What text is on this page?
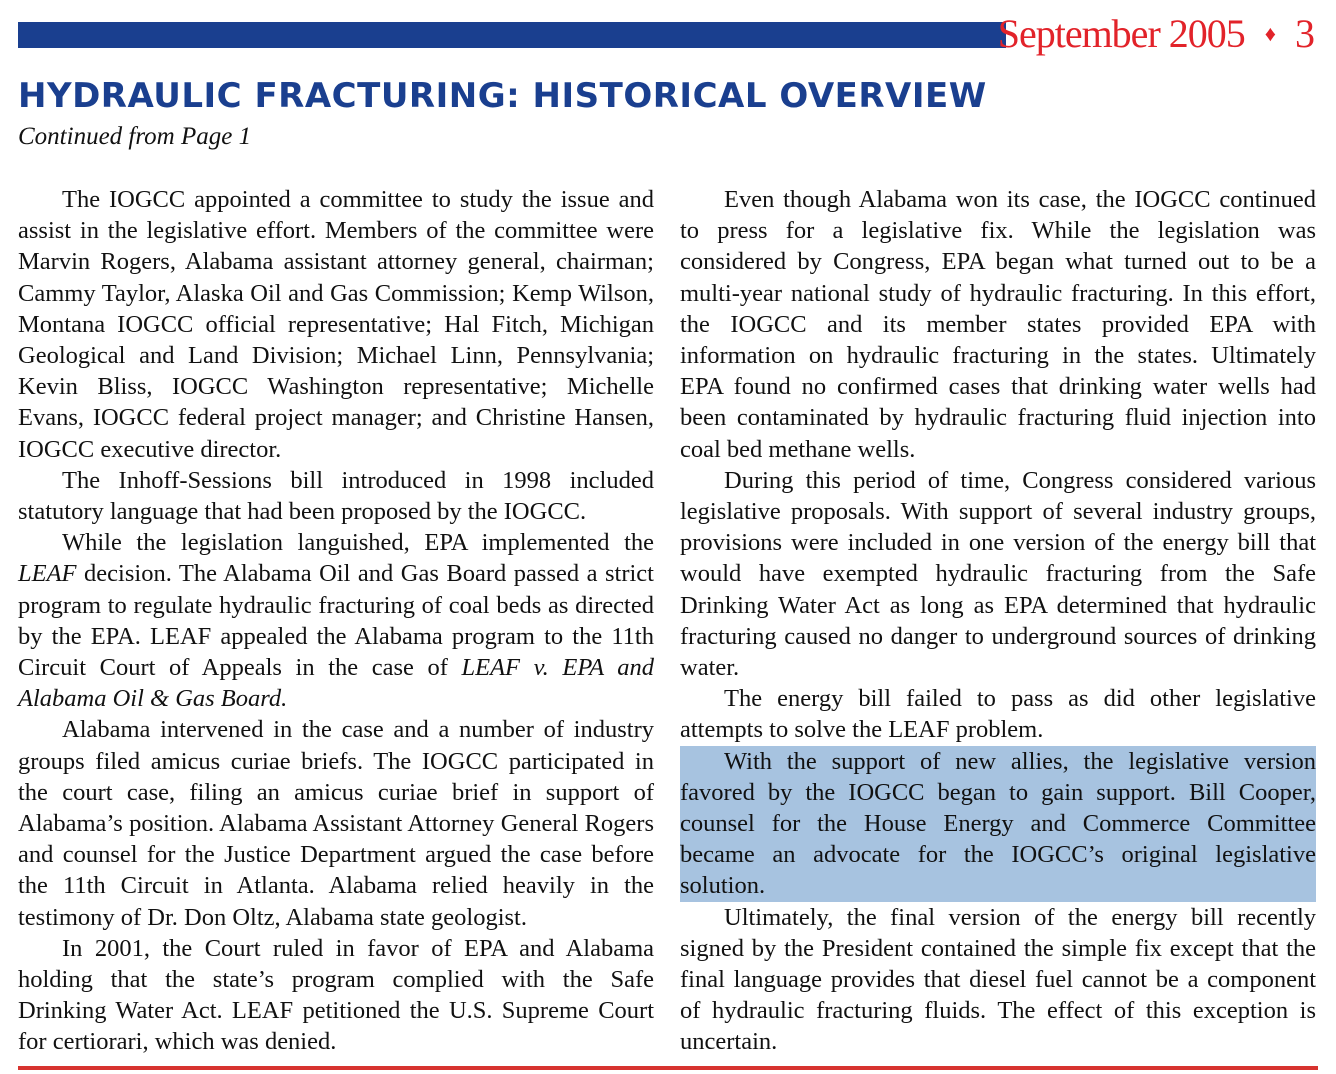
September 2005 ♦ 3
HYDRAULIC FRACTURING: HISTORICAL OVERVIEW
Continued from Page 1

The IOGCC appointed a committee to study the issue and assist in the legislative effort. Members of the committee were Marvin Rogers, Alabama assistant attorney general, chairman; Cammy Taylor, Alaska Oil and Gas Commission; Kemp Wilson, Montana IOGCC official representative; Hal Fitch, Michigan Geological and Land Division; Michael Linn, Pennsylvania; Kevin Bliss, IOGCC Washington representative; Michelle Evans, IOGCC federal project manager; and Christine Hansen, IOGCC executive director.

The Inhoff-Sessions bill introduced in 1998 included statutory language that had been proposed by the IOGCC.

While the legislation languished, EPA implemented the LEAF decision. The Alabama Oil and Gas Board passed a strict program to regulate hydraulic fracturing of coal beds as directed by the EPA. LEAF appealed the Alabama program to the 11th Circuit Court of Appeals in the case of LEAF v. EPA and Alabama Oil & Gas Board.

Alabama intervened in the case and a number of industry groups filed amicus curiae briefs. The IOGCC participated in the court case, filing an amicus curiae brief in support of Alabama’s position. Alabama Assistant Attorney General Rogers and counsel for the Justice Department argued the case before the 11th Circuit in Atlanta. Alabama relied heavily in the testimony of Dr. Don Oltz, Alabama state geologist.

In 2001, the Court ruled in favor of EPA and Alabama holding that the state’s program complied with the Safe Drinking Water Act. LEAF petitioned the U.S. Supreme Court for certiorari, which was denied.

Even though Alabama won its case, the IOGCC continued to press for a legislative fix. While the legislation was considered by Congress, EPA began what turned out to be a multi-year national study of hydraulic fracturing. In this effort, the IOGCC and its member states provided EPA with information on hydraulic fracturing in the states. Ultimately EPA found no confirmed cases that drinking water wells had been contaminated by hydraulic fracturing fluid injection into coal bed methane wells.

During this period of time, Congress considered various legislative proposals. With support of several industry groups, provisions were included in one version of the energy bill that would have exempted hydraulic fracturing from the Safe Drinking Water Act as long as EPA determined that hydraulic fracturing caused no danger to underground sources of drinking water.

The energy bill failed to pass as did other legislative attempts to solve the LEAF problem.

With the support of new allies, the legislative version favored by the IOGCC began to gain support. Bill Cooper, counsel for the House Energy and Commerce Committee became an advocate for the IOGCC’s original legislative solution.

Ultimately, the final version of the energy bill recently signed by the President contained the simple fix except that the final language provides that diesel fuel cannot be a component of hydraulic fracturing fluids. The effect of this exception is uncertain.
